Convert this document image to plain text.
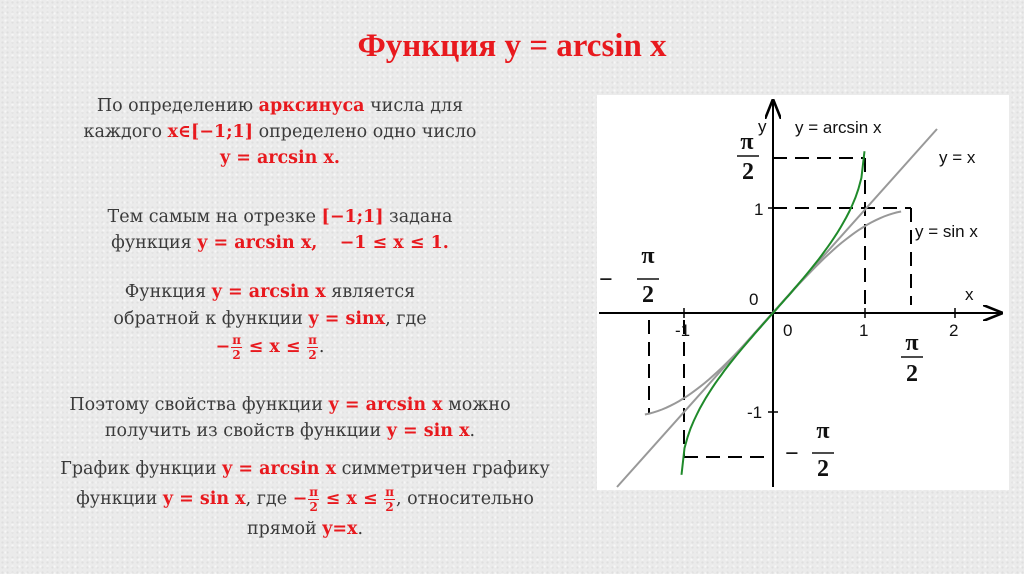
Функция y = arcsin x
По определению арксинуса числа для
каждого x∈[−1;1] определено одно число
y = arcsin x.
Тем самым на отрезке [−1;1] задана
функция y = arcsin x, −1 ≤ x ≤ 1.
Функция y = arcsin x является
обратной к функции y = sinx, где
− $\frac{\pi}{2} \le x \le \frac{\pi}{2}$ .
Поэтому свойства функции y = arcsin x можно
получить из свойств функции y = sin x.
График функции y = arcsin x симметричен графику
функции y = sin x, где − $\frac{\pi}{2} \le x \le \frac{\pi}{2}$ , относительно
прямой y=x.
y = arcsin x
y = x
y = sin x
y
x
0
0
-1	1	2
1
-1
π
2
π
2
−
π
2
−
π
2
